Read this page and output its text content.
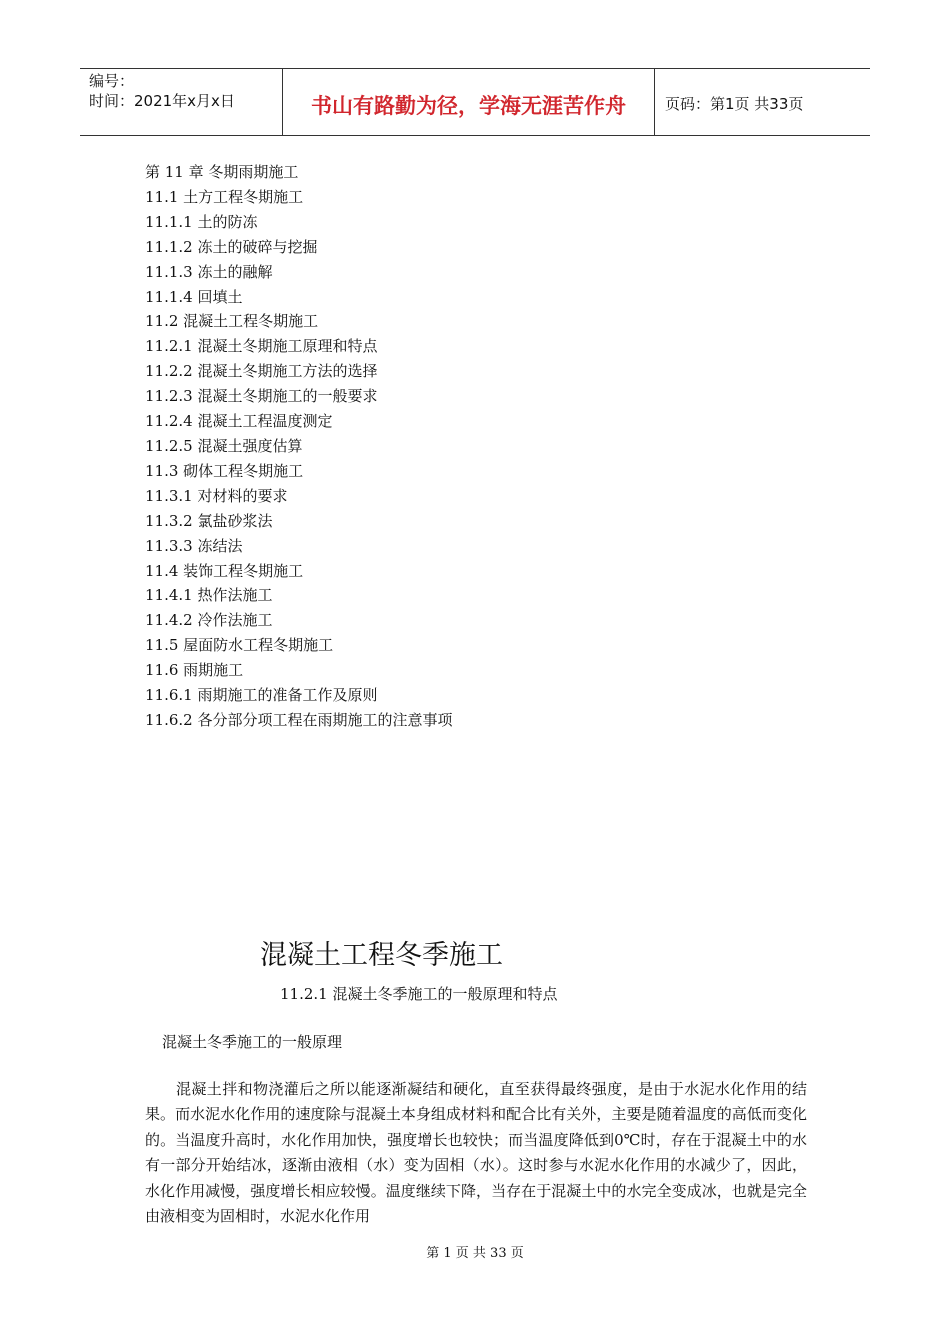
编号：
时间：2021年x月x日	书山有路勤为径，学海无涯苦作舟	页码：第1页 共33页
第 11 章 冬期雨期施工
11.1 土方工程冬期施工
11.1.1 土的防冻
11.1.2 冻土的破碎与挖掘
11.1.3 冻土的融解
11.1.4 回填土
11.2 混凝土工程冬期施工
11.2.1 混凝土冬期施工原理和特点
11.2.2 混凝土冬期施工方法的选择
11.2.3 混凝土冬期施工的一般要求
11.2.4 混凝土工程温度测定
11.2.5 混凝土强度估算
11.3 砌体工程冬期施工
11.3.1 对材料的要求
11.3.2 氯盐砂浆法
11.3.3 冻结法
11.4 装饰工程冬期施工
11.4.1 热作法施工
11.4.2 冷作法施工
11.5 屋面防水工程冬期施工
11.6 雨期施工
11.6.1 雨期施工的准备工作及原则
11.6.2 各分部分项工程在雨期施工的注意事项
混凝土工程冬季施工
11.2.1 混凝土冬季施工的一般原理和特点
混凝土冬季施工的一般原理

混凝土拌和物浇灌后之所以能逐渐凝结和硬化，直至获得最终强度，是由于水泥水化作用的结果。而水泥水化作用的速度除与混凝土本身组成材料和配合比有关外，主要是随着温度的高低而变化的。当温度升高时，水化作用加快，强度增长也较快；而当温度降低到0℃时，存在于混凝土中的水有一部分开始结冰，逐渐由液相（水）变为固相（水）。这时参与水泥水化作用的水减少了，因此，水化作用减慢，强度增长相应较慢。温度继续下降，当存在于混凝土中的水完全变成冰，也就是完全由液相变为固相时，水泥水化作用

第 1 页 共 33 页
